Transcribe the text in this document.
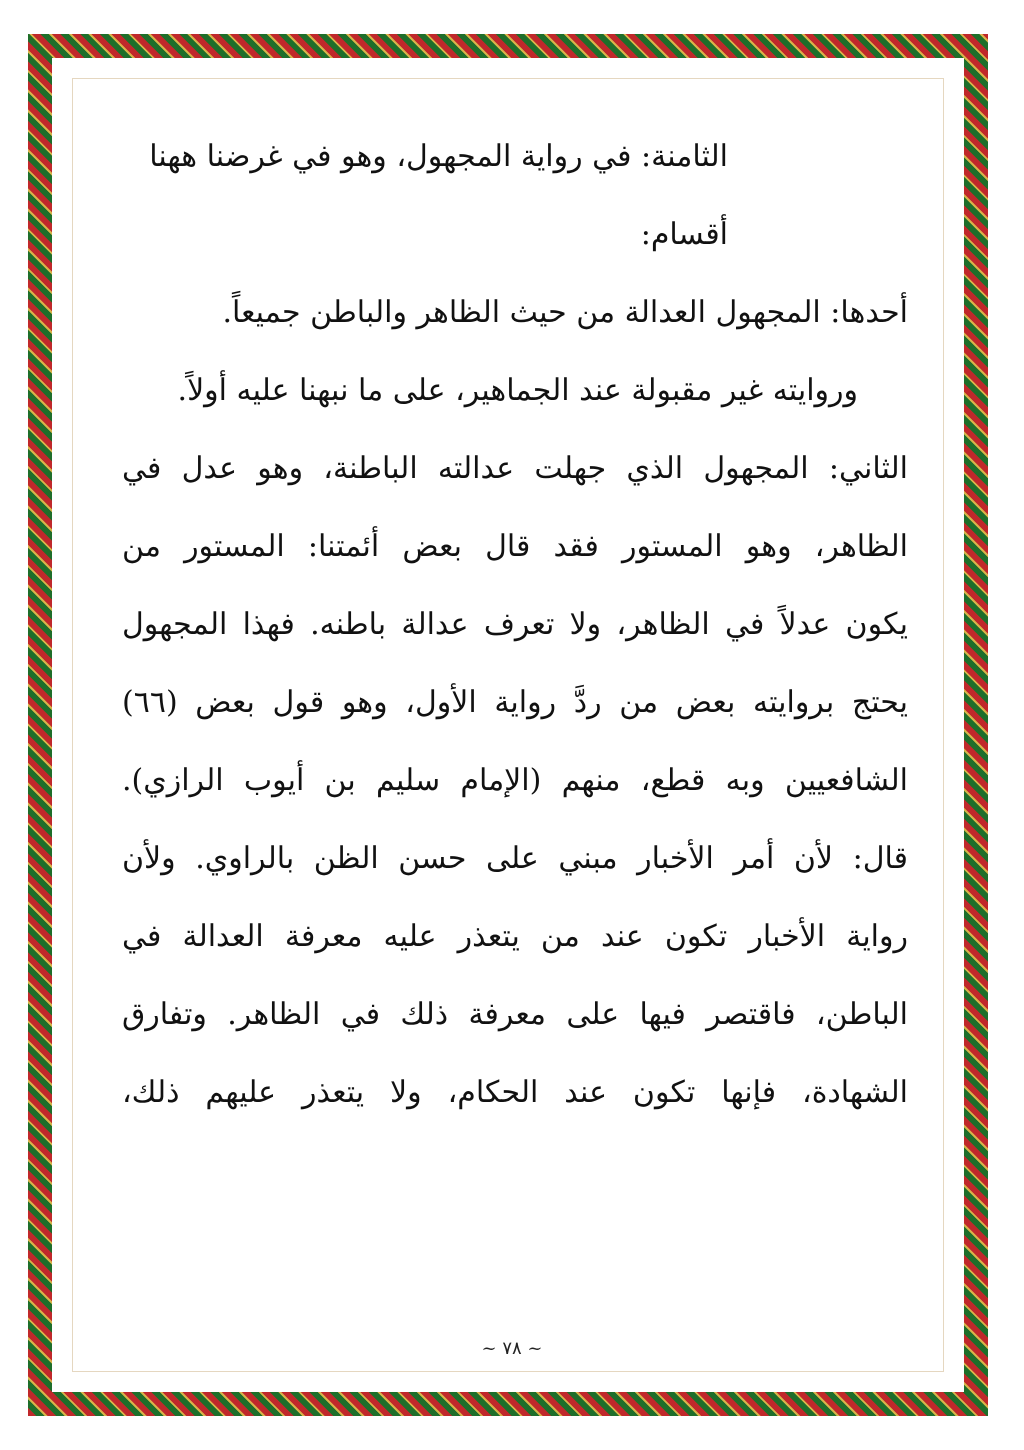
الثامنة: في رواية المجهول، وهو في غرضنا ههنا
أقسام:
أحدها: المجهول العدالة من حيث الظاهر والباطن جميعاً.
وروايته غير مقبولة عند الجماهير، على ما نبهنا عليه أولاً.
الثاني: المجهول الذي جهلت عدالته الباطنة، وهو عدل في
الظاهر، وهو المستور فقد قال بعض أئمتنا: المستور من
يكون عدلاً في الظاهر، ولا تعرف عدالة باطنه. فهذا المجهول
يحتج بروايته بعض من ردَّ رواية الأول، وهو قول بعض (٦٦)
الشافعيين وبه قطع، منهم (الإمام سليم بن أيوب الرازي).
قال: لأن أمر الأخبار مبني على حسن الظن بالراوي. ولأن
رواية الأخبار تكون عند من يتعذر عليه معرفة العدالة في
الباطن، فاقتصر فيها على معرفة ذلك في الظاهر. وتفارق
الشهادة، فإنها تكون عند الحكام، ولا يتعذر عليهم ذلك،
~ ٧٨ ~
